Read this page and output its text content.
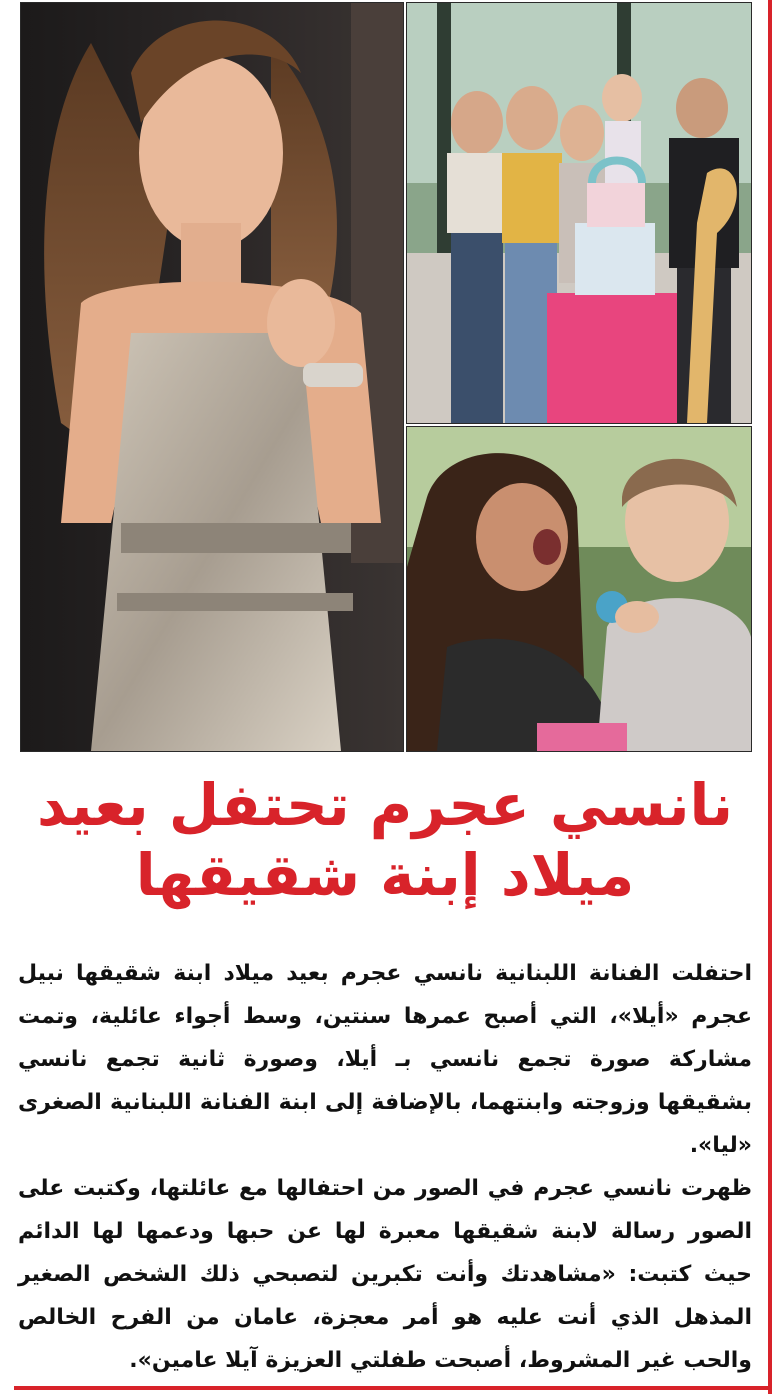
نانسي عجرم تحتفل بعيد
ميلاد إبنة شقيقها

احتفلت الفنانة اللبنانية نانسي عجرم بعيد ميلاد ابنة شقيقها نبيل عجرم «أيلا»، التي أصبح عمرها سنتين، وسط أجواء عائلية، وتمت مشاركة صورة تجمع نانسي بـ أيلا، وصورة ثانية تجمع نانسي بشقيقها وزوجته وابنتهما، بالإضافة إلى ابنة الفنانة اللبنانية الصغرى «ليا».

ظهرت نانسي عجرم في الصور من احتفالها مع عائلتها، وكتبت على الصور رسالة لابنة شقيقها معبرة لها عن حبها ودعمها لها الدائم حيث كتبت: «مشاهدتك وأنت تكبرين لتصبحي ذلك الشخص الصغير المذهل الذي أنت عليه هو أمر معجزة، عامان من الفرح الخالص والحب غير المشروط، أصبحت طفلتي العزيزة آيلا عامين».
